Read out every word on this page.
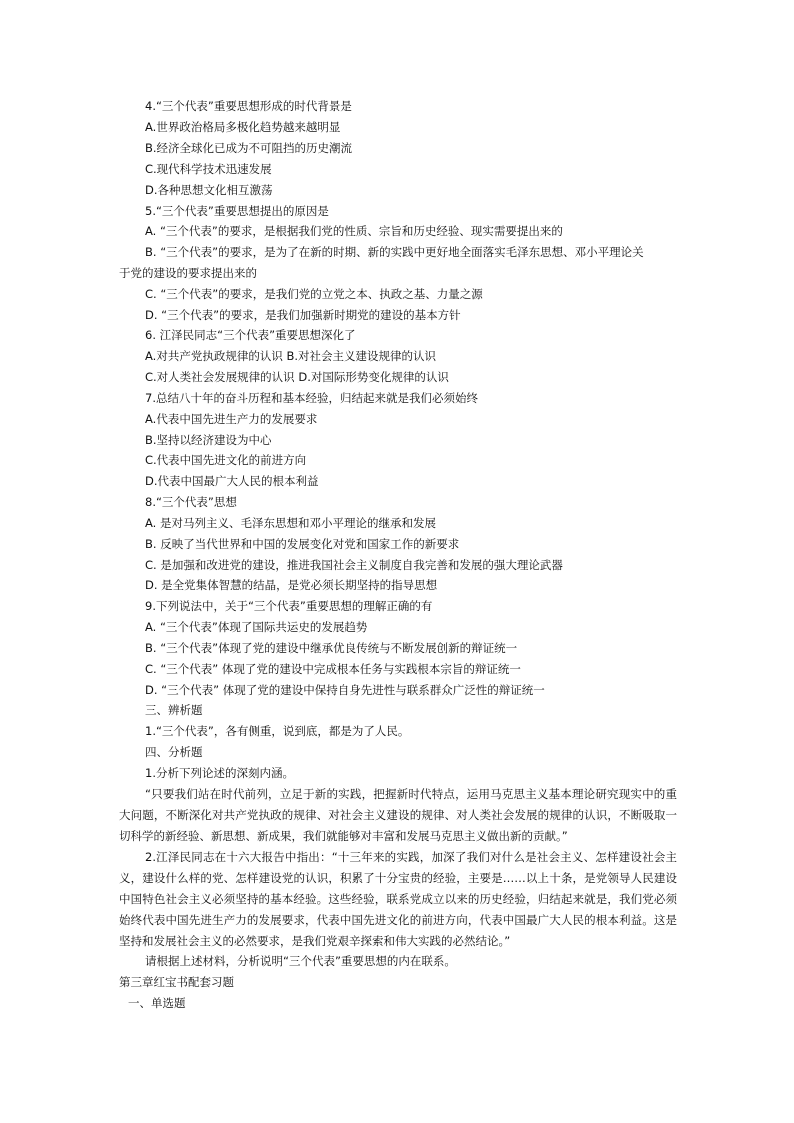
4.“三个代表”重要思想形成的时代背景是
A.世界政治格局多极化趋势越来越明显
B.经济全球化已成为不可阻挡的历史潮流
C.现代科学技术迅速发展
D.各种思想文化相互激荡
5.“三个代表”重要思想提出的原因是
A. “三个代表”的要求，是根据我们党的性质、宗旨和历史经验、现实需要提出来的
B. “三个代表”的要求，是为了在新的时期、新的实践中更好地全面落实毛泽东思想、邓小平理论关
于党的建设的要求提出来的
C. “三个代表”的要求，是我们党的立党之本、执政之基、力量之源
D. “三个代表”的要求，是我们加强新时期党的建设的基本方针
6. 江泽民同志“三个代表”重要思想深化了
A.对共产党执政规律的认识 B.对社会主义建设规律的认识
C.对人类社会发展规律的认识 D.对国际形势变化规律的认识
7.总结八十年的奋斗历程和基本经验，归结起来就是我们必须始终
A.代表中国先进生产力的发展要求
B.坚持以经济建设为中心
C.代表中国先进文化的前进方向
D.代表中国最广大人民的根本利益
8.“三个代表”思想
A. 是对马列主义、毛泽东思想和邓小平理论的继承和发展
B. 反映了当代世界和中国的发展变化对党和国家工作的新要求
C. 是加强和改进党的建设，推进我国社会主义制度自我完善和发展的强大理论武器
D. 是全党集体智慧的结晶，是党必须长期坚持的指导思想
9.下列说法中，关于“三个代表”重要思想的理解正确的有
A. “三个代表”体现了国际共运史的发展趋势
B. “三个代表”体现了党的建设中继承优良传统与不断发展创新的辩证统一
C. “三个代表” 体现了党的建设中完成根本任务与实践根本宗旨的辩证统一
D. “三个代表” 体现了党的建设中保持自身先进性与联系群众广泛性的辩证统一
三、辨析题
1.“三个代表”，各有侧重，说到底，都是为了人民。
四、分析题
1.分析下列论述的深刻内涵。
“只要我们站在时代前列，立足于新的实践，把握新时代特点，运用马克思主义基本理论研究现实中的重大问题，不断深化对共产党执政的规律、对社会主义建设的规律、对人类社会发展的规律的认识，不断吸取一切科学的新经验、新思想、新成果，我们就能够对丰富和发展马克思主义做出新的贡献。”
2.江泽民同志在十六大报告中指出：“十三年来的实践，加深了我们对什么是社会主义、怎样建设社会主义，建设什么样的党、怎样建设党的认识，积累了十分宝贵的经验，主要是……以上十条，是党领导人民建设中国特色社会主义必须坚持的基本经验。这些经验，联系党成立以来的历史经验，归结起来就是，我们党必须始终代表中国先进生产力的发展要求，代表中国先进文化的前进方向，代表中国最广大人民的根本利益。这是坚持和发展社会主义的必然要求，是我们党艰辛探索和伟大实践的必然结论。”
请根据上述材料，分析说明“三个代表”重要思想的内在联系。
第三章红宝书配套习题
一、单选题
